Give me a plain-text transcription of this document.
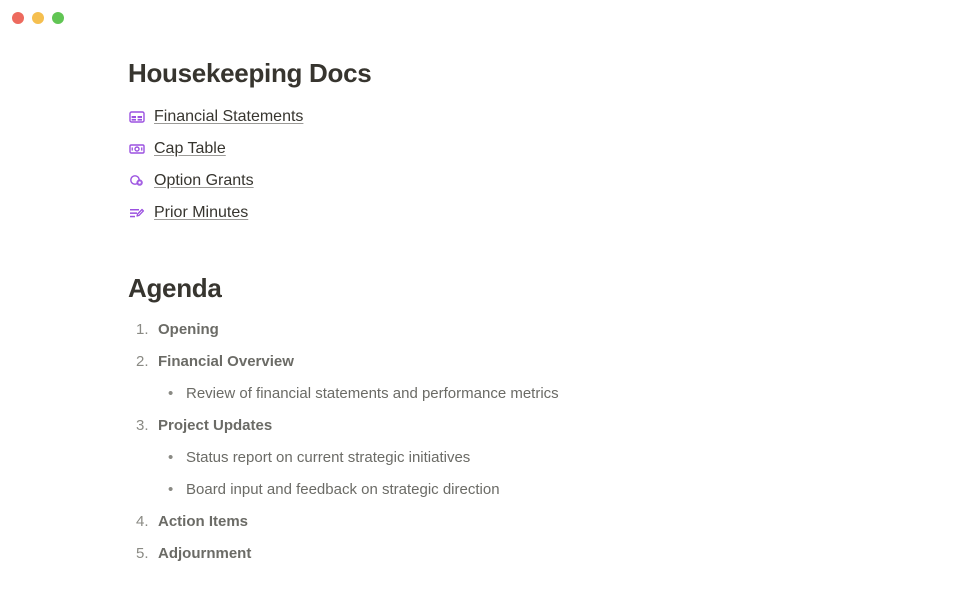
Housekeeping Docs
Financial Statements
Cap Table
Option Grants
Prior Minutes
Agenda
Opening
Financial Overview
• Review of financial statements and performance metrics
Project Updates
• Status report on current strategic initiatives
• Board input and feedback on strategic direction
Action Items
Adjournment
